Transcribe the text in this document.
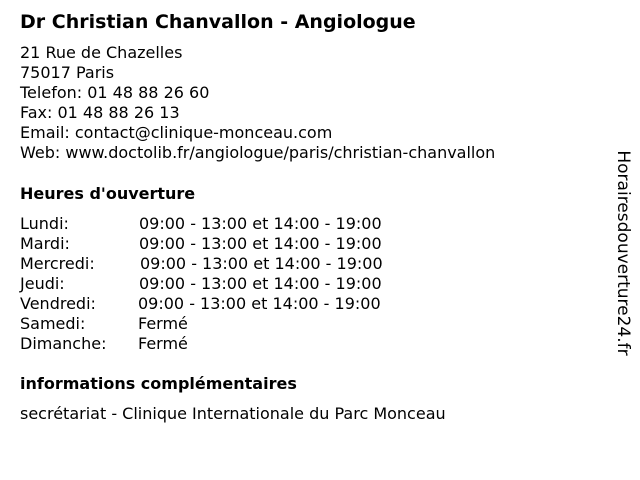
Dr Christian Chanvallon - Angiologue
21 Rue de Chazelles
75017 Paris
Telefon: 01 48 88 26 60
Fax: 01 48 88 26 13
Email: contact@clinique-monceau.com
Web: www.doctolib.fr/angiologue/paris/christian-chanvallon
Heures d'ouverture
Lundi:	09:00 - 13:00 et 14:00 - 19:00
Mardi:	09:00 - 13:00 et 14:00 - 19:00
Mercredi:	09:00 - 13:00 et 14:00 - 19:00
Jeudi:	09:00 - 13:00 et 14:00 - 19:00
Vendredi:	09:00 - 13:00 et 14:00 - 19:00
Samedi:	Fermé
Dimanche: Fermé
informations complémentaires
secrétariat - Clinique Internationale du Parc Monceau
Horairesdouverture24.fr
